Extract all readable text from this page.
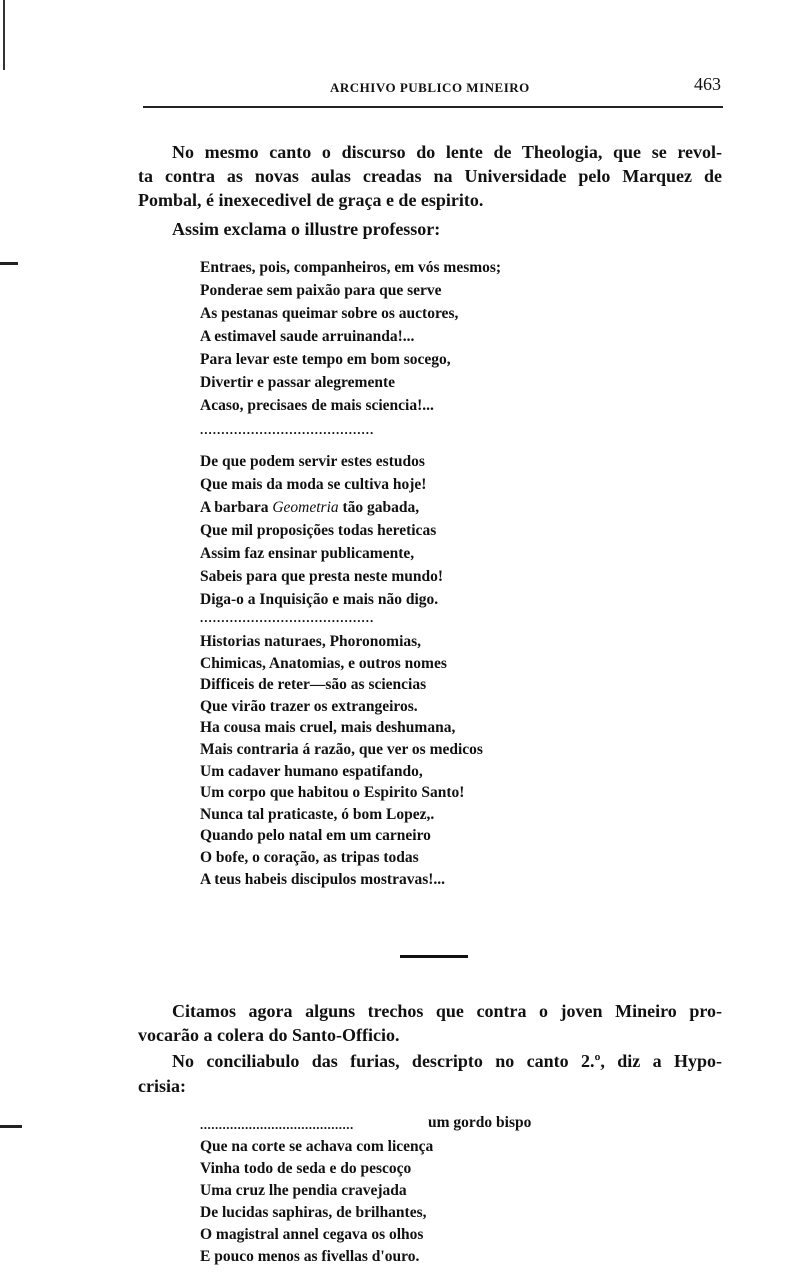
ARCHIVO PUBLICO MINEIRO	463
No mesmo canto o discurso do lente de Theologia, que se revol-
ta contra as novas aulas creadas na Universidade pelo Marquez de
Pombal, é inexecedivel de graça e de espirito.
Assim exclama o illustre professor:
Entraes, pois, companheiros, em vós mesmos;
Ponderae sem paixão para que serve
As pestanas queimar sobre os auctores,
A estimavel saude arruinanda!...
Para levar este tempo em bom socego,
Divertir e passar alegremente
Acaso, precisaes de mais sciencia!...
.........................................
De que podem servir estes estudos
Que mais da moda se cultiva hoje!
A barbara Geometria tão gabada,
Que mil proposições todas hereticas
Assim faz ensinar publicamente,
Sabeis para que presta neste mundo!
Diga-o a Inquisição e mais não digo.
.........................................
Historias naturaes, Phoronomias,
Chimicas, Anatomias, e outros nomes
Difficeis de reter—são as sciencias
Que virão trazer os extrangeiros.
Ha cousa mais cruel, mais deshumana,
Mais contraria á razão, que ver os medicos
Um cadaver humano espatifando,
Um corpo que habitou o Espirito Santo!
Nunca tal praticaste, ó bom Lopez,.
Quando pelo natal em um carneiro
O bofe, o coração, as tripas todas
A teus habeis discipulos mostravas!...
Citamos agora alguns trechos que contra o joven Mineiro pro-
vocarão a colera do Santo-Officio.
No conciliabulo das furias, descripto no canto 2.º, diz a Hypo-
crisia:
.........................................	um gordo bispo
Que na corte se achava com licença
Vinha todo de seda e do pescoço
Uma cruz lhe pendia cravejada
De lucidas saphiras, de brilhantes,
O magistral annel cegava os olhos
E pouco menos as fivellas d'ouro.
